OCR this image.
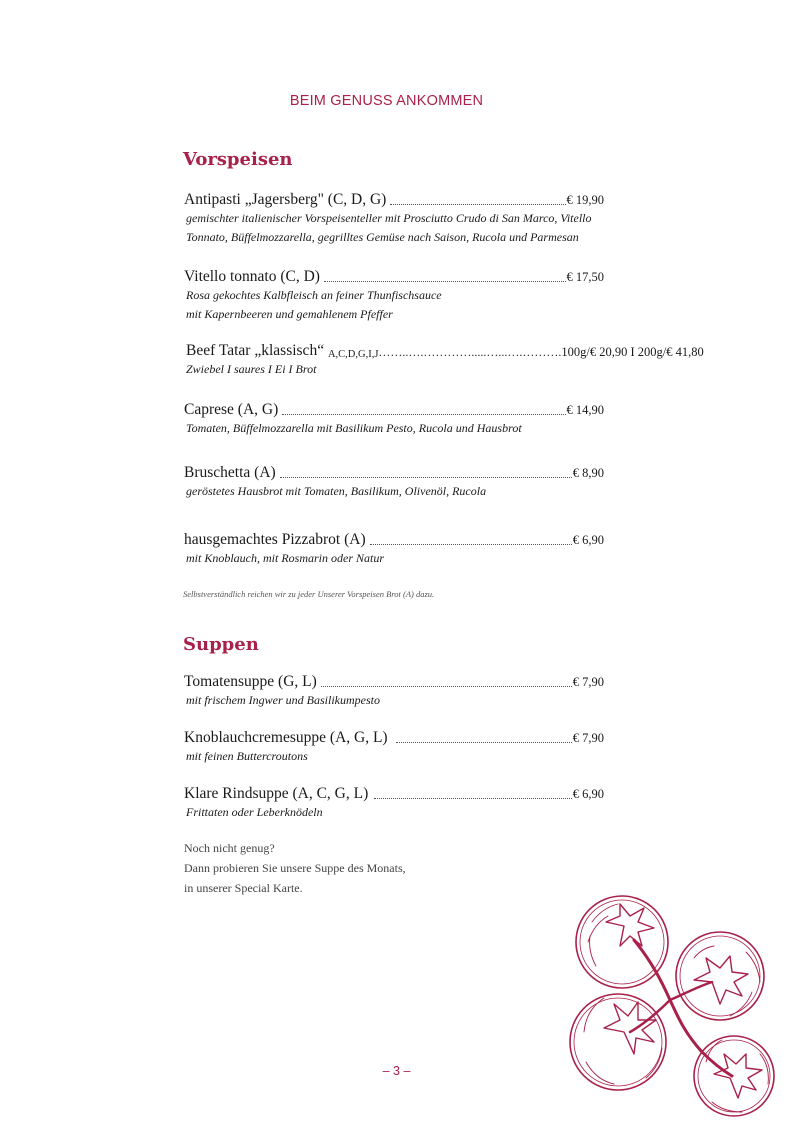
BEIM GENUSS ANKOMMEN
Vorspeisen
Antipasti „Jagersberg" (C, D, G)	€ 19,90
gemischter italienischer Vorspeisenteller mit Prosciutto Crudo di San Marco, Vitello
Tonnato, Büffelmozzarella, gegrilltes Gemüse nach Saison, Rucola und Parmesan
Vitello tonnato (C, D)	€ 17,50
Rosa gekochtes Kalbfleisch an feiner Thunfischsauce
mit Kapernbeeren und gemahlenem Pfeffer
Beef Tatar „klassisch“
A,C,D,G,I,J ……..….………….....…...….………. 100g/€ 20,90 I 200g/€ 41,80
Zwiebel I saures I Ei I Brot
Caprese (A, G)	€ 14,90
Tomaten, Büffelmozzarella mit Basilikum Pesto, Rucola und Hausbrot
Bruschetta (A)	€ 8,90
geröstetes Hausbrot mit Tomaten, Basilikum, Olivenöl, Rucola
hausgemachtes Pizzabrot (A)	€ 6,90
mit Knoblauch, mit Rosmarin oder Natur
Selbstverständlich reichen wir zu jeder Unserer Vorspeisen Brot (A) dazu.
Suppen
Tomatensuppe (G, L)	€ 7,90
mit frischem Ingwer und Basilikumpesto
Knoblauchcremesuppe (A, G, L)	€ 7,90
mit feinen Buttercroutons
Klare Rindsuppe (A, C, G, L)	€ 6,90
Frittaten oder Leberknödeln
Noch nicht genug?
Dann probieren Sie unsere Suppe des Monats,
in unserer Special Karte.
– 3 –
